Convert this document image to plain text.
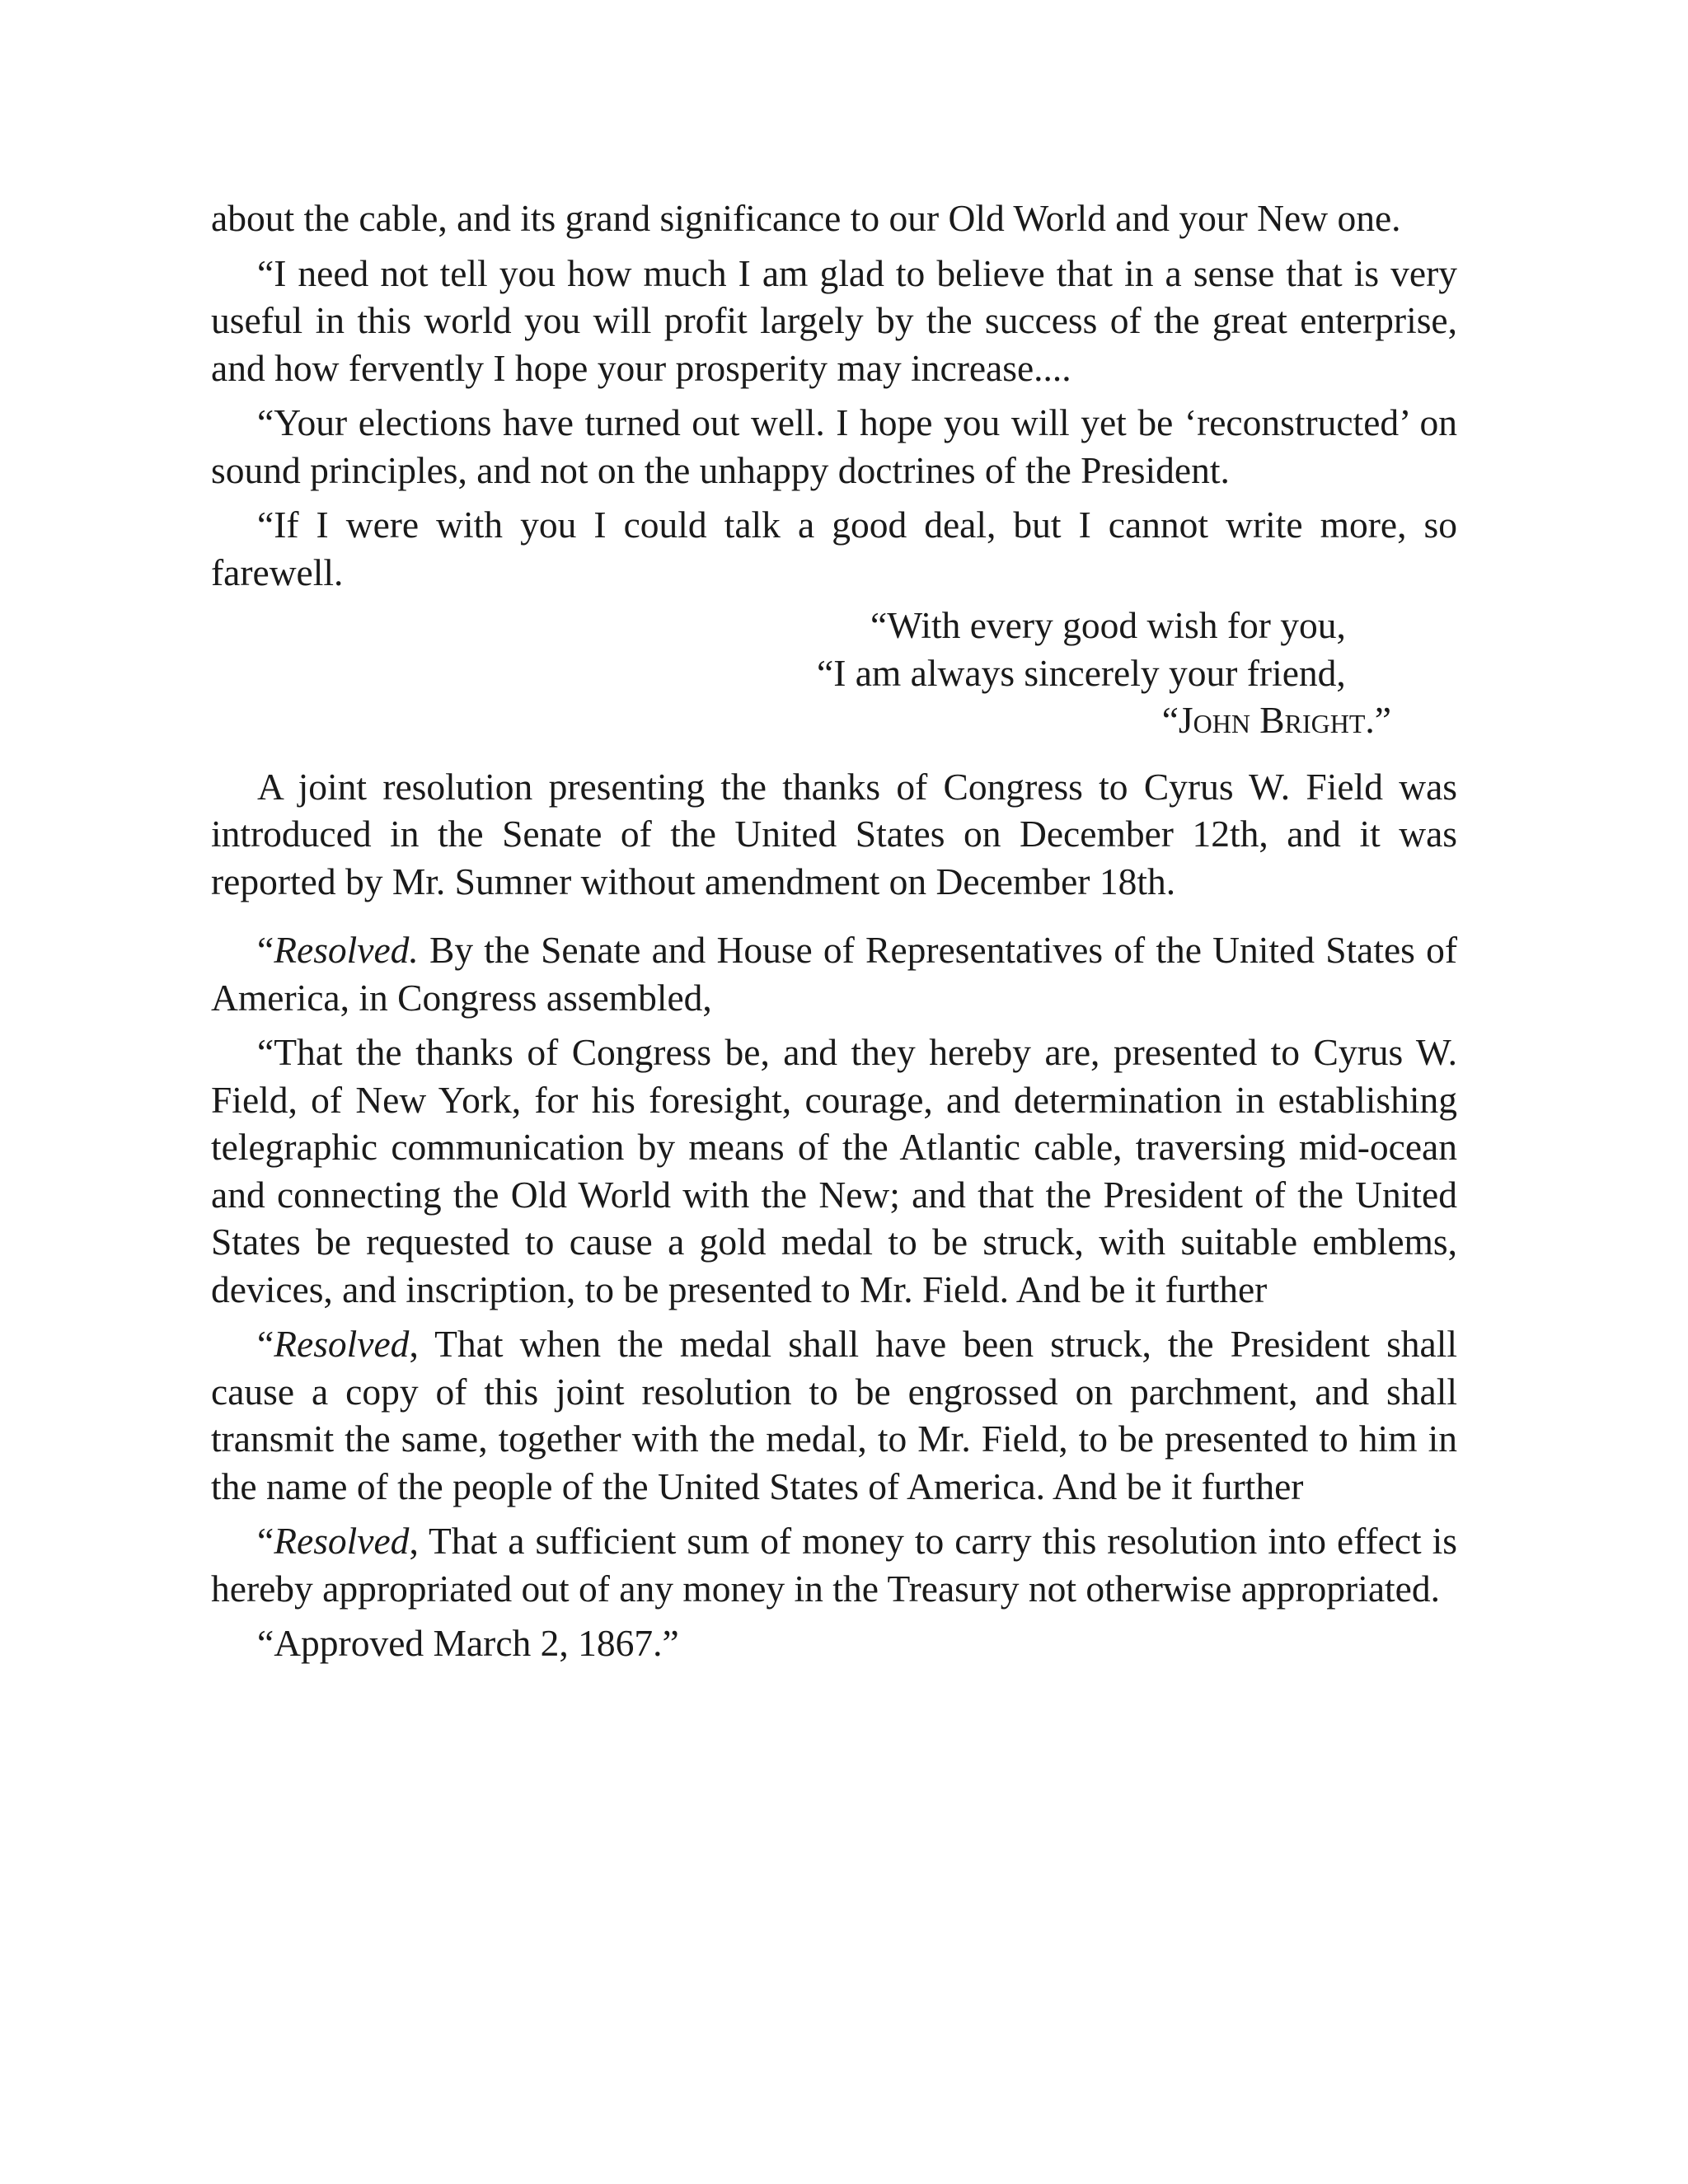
about the cable, and its grand significance to our Old World and your New one.

“I need not tell you how much I am glad to believe that in a sense that is very useful in this world you will profit largely by the success of the great enterprise, and how fervently I hope your prosperity may increase....

“Your elections have turned out well. I hope you will yet be ‘reconstructed’ on sound principles, and not on the unhappy doctrines of the President.

“If I were with you I could talk a good deal, but I cannot write more, so farewell.

“With every good wish for you,
“I am always sincerely your friend,
“John Bright.”

A joint resolution presenting the thanks of Congress to Cyrus W. Field was introduced in the Senate of the United States on December 12th, and it was reported by Mr. Sumner without amendment on December 18th.

“Resolved. By the Senate and House of Representatives of the United States of America, in Congress assembled,

“That the thanks of Congress be, and they hereby are, presented to Cyrus W. Field, of New York, for his foresight, courage, and determination in establishing telegraphic communication by means of the Atlantic cable, traversing mid-ocean and connecting the Old World with the New; and that the President of the United States be requested to cause a gold medal to be struck, with suitable emblems, devices, and inscription, to be presented to Mr. Field. And be it further

“Resolved, That when the medal shall have been struck, the President shall cause a copy of this joint resolution to be engrossed on parchment, and shall transmit the same, together with the medal, to Mr. Field, to be presented to him in the name of the people of the United States of America. And be it further

“Resolved, That a sufficient sum of money to carry this resolution into effect is hereby appropriated out of any money in the Treasury not otherwise appropriated.

“Approved March 2, 1867.”
